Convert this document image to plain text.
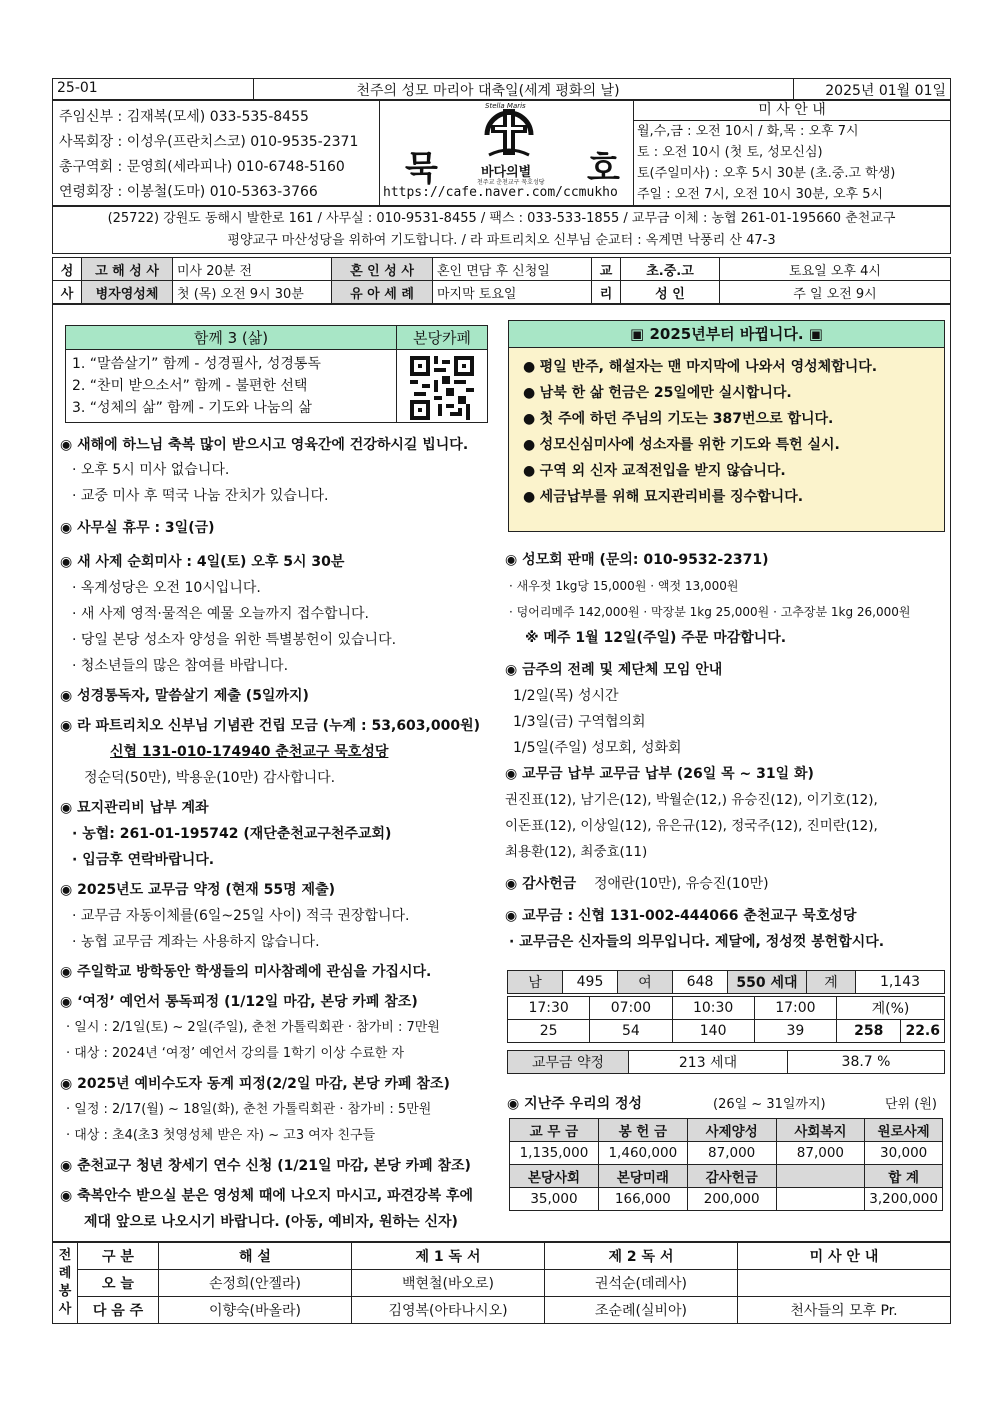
25-01	천주의 성모 마리아 대축일(세계 평화의 날)	2025년 01월 01일
주임신부 : 김재복(모세) 033-535-8455
사목회장 : 이성우(프란치스코) 010-9535-2371
총구역회 : 문영희(세라피나) 010-6748-5160
연령회장 : 이봉철(도마) 010-5363-3766
묵
Stella Maris
바다의별
천주교 춘천교구 묵호성당 호
https://cafe.naver.com/ccmukho
미 사 안 내
월,수,금 : 오전 10시 / 화,목 : 오후 7시
토 : 오전 10시 (첫 토, 성모신심)
토(주일미사) : 오후 5시 30분 (초.중.고 학생)
주일 : 오전 7시, 오전 10시 30분, 오후 5시
(25722) 강원도 동해시 발한로 161 / 사무실 : 010-9531-8455 / 팩스 : 033-533-1855 / 교무금 이체 : 농협 261-01-195660 춘천교구
평양교구 마산성당을 위하여 기도합니다. / 라 파트리치오 신부님 순교터 : 옥계면 낙풍리 산 47-3
성	고 해 성 사	미사 20분 전	혼 인 성 사	혼인 면담 후 신청일	교	초.중.고	토요일 오후 4시
사	병자영성체	첫 (목) 오전 9시 30분	유 아 세 례	마지막 토요일	리	성 인	주 일 오전 9시
함께 3 (삶)	본당카페
1. “말씀살기” 함께 - 성경필사, 성경통독
2. “찬미 받으소서” 함께 - 불편한 선택
3. “성체의 삶” 함께 - 기도와 나눔의 삶
◉ 새해에 하느님 축복 많이 받으시고 영육간에 건강하시길 빕니다.
· 오후 5시 미사 없습니다.
· 교중 미사 후 떡국 나눔 잔치가 있습니다.
◉ 사무실 휴무 : 3일(금)
◉ 새 사제 순회미사 : 4일(토) 오후 5시 30분
· 옥계성당은 오전 10시입니다.
· 새 사제 영적·물적은 예물 오늘까지 접수합니다.
· 당일 본당 성소자 양성을 위한 특별봉헌이 있습니다.
· 청소년들의 많은 참여를 바랍니다.
◉ 성경통독자, 말씀살기 제출 (5일까지)
◉ 라 파트리치오 신부님 기념관 건립 모금 (누계 : 53,603,000원)
신협 131-010-174940 춘천교구 묵호성당
정순덕(50만), 박용운(10만) 감사합니다.
◉ 묘지관리비 납부 계좌
· 농협: 261-01-195742 (재단춘천교구천주교회)
· 입금후 연락바랍니다.
◉ 2025년도 교무금 약정 (현재 55명 제출)
· 교무금 자동이체를(6일~25일 사이) 적극 권장합니다.
· 농협 교무금 계좌는 사용하지 않습니다.
◉ 주일학교 방학동안 학생들의 미사참례에 관심을 가집시다.
◉ ‘여정’ 예언서 통독피정 (1/12일 마감, 본당 카페 참조)
· 일시 : 2/1일(토) ~ 2일(주일), 춘천 가톨릭회관 · 참가비 : 7만원
· 대상 : 2024년 ‘여정’ 예언서 강의를 1학기 이상 수료한 자
◉ 2025년 예비수도자 동계 피정(2/2일 마감, 본당 카페 참조)
· 일정 : 2/17(월) ~ 18일(화), 춘천 가톨릭회관 · 참가비 : 5만원
· 대상 : 초4(초3 첫영성체 받은 자) ~ 고3 여자 친구들
◉ 춘천교구 청년 창세기 연수 신청 (1/21일 마감, 본당 카페 참조)
◉ 축복안수 받으실 분은 영성체 때에 나오지 마시고, 파견강복 후에
제대 앞으로 나오시기 바랍니다. (아동, 예비자, 원하는 신자)
▣ 2025년부터 바뀝니다. ▣
● 평일 반주, 해설자는 맨 마지막에 나와서 영성체합니다.
● 남북 한 삶 헌금은 25일에만 실시합니다.
● 첫 주에 하던 주님의 기도는 387번으로 합니다.
● 성모신심미사에 성소자를 위한 기도와 특헌 실시.
● 구역 외 신자 교적전입을 받지 않습니다.
● 세금납부를 위해 묘지관리비를 징수합니다.
◉ 성모회 판매 (문의: 010-9532-2371)
· 새우젓 1kg당 15,000원 · 액젓 13,000원
· 덩어리메주 142,000원 · 막장분 1kg 25,000원 · 고추장분 1kg 26,000원
※ 메주 1월 12일(주일) 주문 마감합니다.
◉ 금주의 전례 및 제단체 모임 안내
1/2일(목) 성시간
1/3일(금) 구역협의회
1/5일(주일) 성모회, 성화회
◉ 교무금 납부 교무금 납부 (26일 목 ~ 31일 화)
권진표(12), 남기은(12), 박월순(12,) 유승진(12), 이기호(12),
이돈표(12), 이상일(12), 유은규(12), 정국주(12), 진미란(12),
최용환(12), 최중효(11)
◉ 감사헌금 정애란(10만), 유승진(10만)
◉ 교무금 : 신협 131-002-444066 춘천교구 묵호성당
· 교무금은 신자들의 의무입니다. 제달에, 정성껏 봉헌합시다.
남	495	여	648	550 세대	계	1,143
17:30	07:00	10:30	17:00	계(%)	
25	54	140	39	258	22.6
교무금 약정	213 세대	38.7 %
◉ 지난주 우리의 정성	(26일 ~ 31일까지)	단위 (원)
교 무 금	봉 헌 금	사제양성	사회복지	원로사제
1,135,000	1,460,000	87,000	87,000	30,000
본당사회	본당미래	감사헌금		합 계
35,000	166,000	200,000		3,200,000
전
례
봉
사	구 분	해 설	제 1 독 서	제 2 독 서	미 사 안 내
	오 늘	손정희(안젤라)	백현철(바오로)	권석순(데레사)	
	다 음 주	이향숙(바올라)	김영복(아타나시오)	조순례(실비아)	천사들의 모후 Pr.
